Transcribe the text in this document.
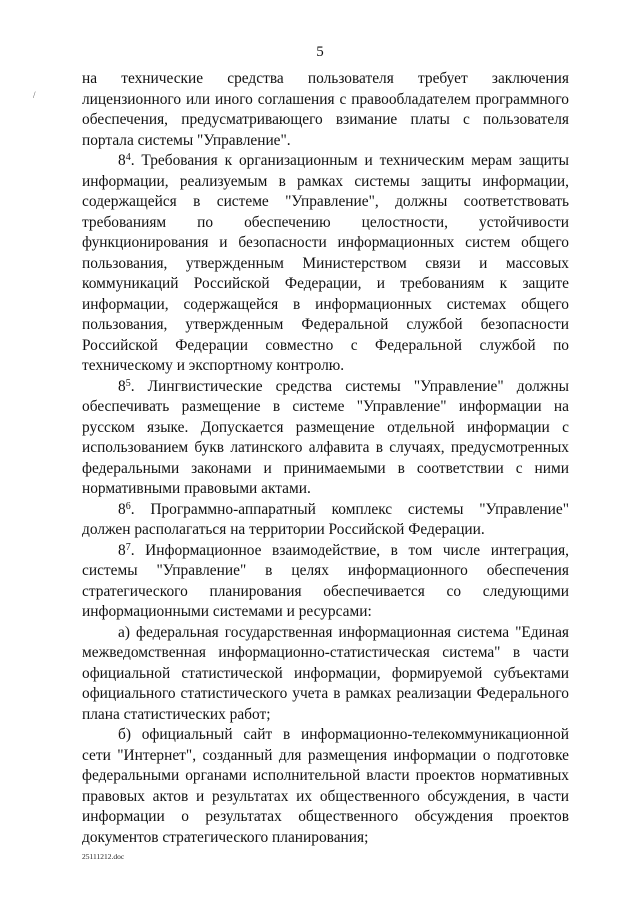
5
/

на технические средства пользователя требует заключения лицензионного или иного соглашения с правообладателем программного обеспечения, предусматривающего взимание платы с пользователя портала системы "Управление".

$8^4$. Требования к организационным и техническим мерам защиты информации, реализуемым в рамках системы защиты информации, содержащейся в системе "Управление", должны соответствовать требованиям по обеспечению целостности, устойчивости функционирования и безопасности информационных систем общего пользования, утвержденным Министерством связи и массовых коммуникаций Российской Федерации, и требованиям к защите информации, содержащейся в информационных системах общего пользования, утвержденным Федеральной службой безопасности Российской Федерации совместно с Федеральной службой по техническому и экспортному контролю.

$8^5$. Лингвистические средства системы "Управление" должны обеспечивать размещение в системе "Управление" информации на русском языке. Допускается размещение отдельной информации с использованием букв латинского алфавита в случаях, предусмотренных федеральными законами и принимаемыми в соответствии с ними нормативными правовыми актами.

$8^6$. Программно-аппаратный комплекс системы "Управление" должен располагаться на территории Российской Федерации.

$8^7$. Информационное взаимодействие, в том числе интеграция, системы "Управление" в целях информационного обеспечения стратегического планирования обеспечивается со следующими информационными системами и ресурсами:

а) федеральная государственная информационная система "Единая межведомственная информационно-статистическая система" в части официальной статистической информации, формируемой субъектами официального статистического учета в рамках реализации Федерального плана статистических работ;

б) официальный сайт в информационно-телекоммуникационной сети "Интернет", созданный для размещения информации о подготовке федеральными органами исполнительной власти проектов нормативных правовых актов и результатах их общественного обсуждения, в части информации о результатах общественного обсуждения проектов документов стратегического планирования;

25111212.doc
